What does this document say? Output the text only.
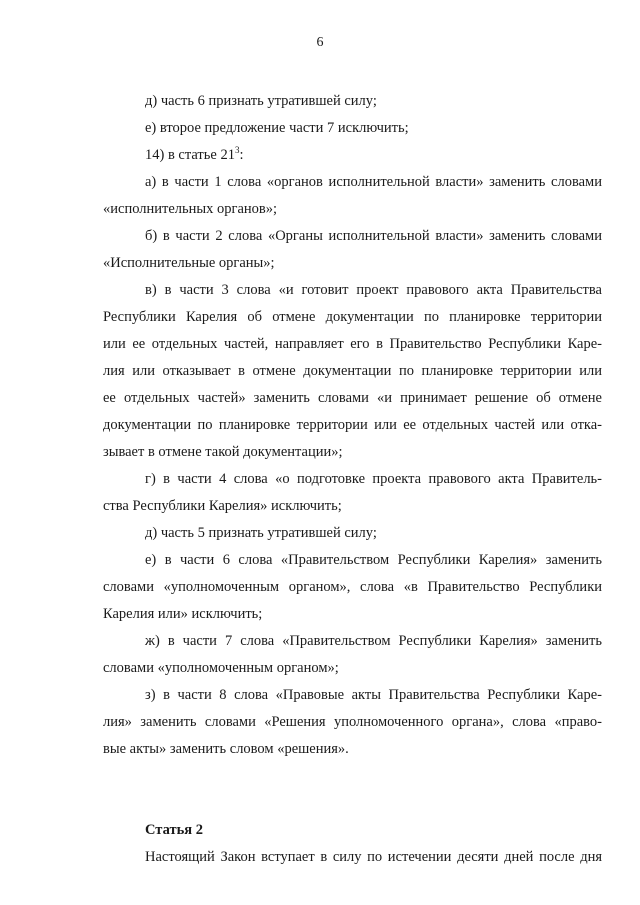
6
д) часть 6 признать утратившей силу;
е) второе предложение части 7 исключить;
14) в статье $21^3$:
а) в части 1 слова «органов исполнительной власти» заменить словами
«исполнительных органов»;
б) в части 2 слова «Органы исполнительной власти» заменить словами
«Исполнительные органы»;
в) в части 3 слова «и готовит проект правового акта Правительства
Республики Карелия об отмене документации по планировке территории
или ее отдельных частей, направляет его в Правительство Республики Каре-
лия или отказывает в отмене документации по планировке территории или
ее отдельных частей» заменить словами «и принимает решение об отмене
документации по планировке территории или ее отдельных частей или отка-
зывает в отмене такой документации»;
г) в части 4 слова «о подготовке проекта правового акта Правитель-
ства Республики Карелия» исключить;
д) часть 5 признать утратившей силу;
е) в части 6 слова «Правительством Республики Карелия» заменить
словами «уполномоченным органом», слова «в Правительство Республики
Карелия или» исключить;
ж) в части 7 слова «Правительством Республики Карелия» заменить
словами «уполномоченным органом»;
з) в части 8 слова «Правовые акты Правительства Республики Каре-
лия» заменить словами «Решения уполномоченного органа», слова «право-
вые акты» заменить словом «решения».
Статья 2
Настоящий Закон вступает в силу по истечении десяти дней после дня
